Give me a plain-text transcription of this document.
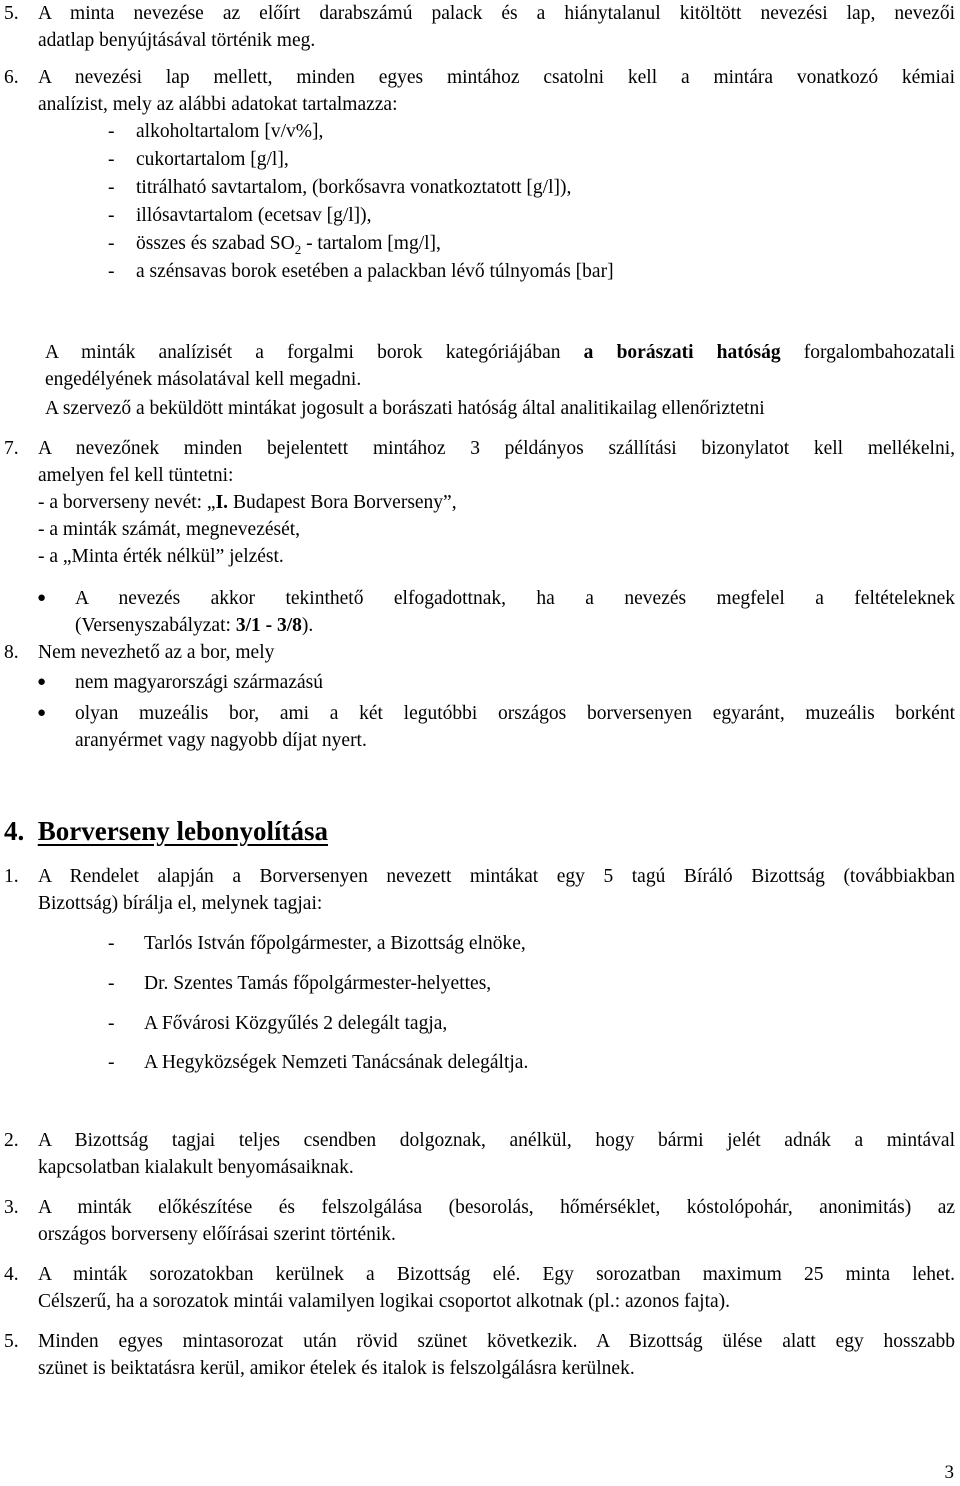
5. A minta nevezése az előírt darabszámú palack és a hiánytalanul kitöltött nevezési lap, nevezői
adatlap benyújtásával történik meg.
6. A nevezési lap mellett, minden egyes mintához csatolni kell a mintára vonatkozó kémiai
analízist, mely az alábbi adatokat tartalmazza:
- alkoholtartalom [v/v%],
- cukortartalom [g/l],
- titrálható savtartalom, (borkősavra vonatkoztatott [g/l]),
- illósavtartalom (ecetsav [g/l]),
- összes és szabad $SO_2$ - tartalom [mg/l],
- a szénsavas borok esetében a palackban lévő túlnyomás [bar]
A minták analízisét a forgalmi borok kategóriájában a borászati hatóság forgalombahozatali
engedélyének másolatával kell megadni.
A szervező a beküldött mintákat jogosult a borászati hatóság által analitikailag ellenőriztetni
7. A nevezőnek minden bejelentett mintához 3 példányos szállítási bizonylatot kell mellékelni,
amelyen fel kell tüntetni:
- a borverseny nevét: „I. Budapest Bora Borverseny”,
- a minták számát, megnevezését,
- a „Minta érték nélkül” jelzést.
● A nevezés akkor tekinthető elfogadottnak, ha a nevezés megfelel a feltételeknek
(Versenyszabályzat: 3/1 - 3/8).
8. Nem nevezhető az a bor, mely
● nem magyarországi származású
● olyan muzeális bor, ami a két legutóbbi országos borversenyen egyaránt, muzeális borként
aranyérmet vagy nagyobb díjat nyert.
4. Borverseny lebonyolítása
1. A Rendelet alapján a Borversenyen nevezett mintákat egy 5 tagú Bíráló Bizottság (továbbiakban
Bizottság) bírálja el, melynek tagjai:
- Tarlós István főpolgármester, a Bizottság elnöke,
- Dr. Szentes Tamás főpolgármester-helyettes,
- A Fővárosi Közgyűlés 2 delegált tagja,
- A Hegyközségek Nemzeti Tanácsának delegáltja.
2. A Bizottság tagjai teljes csendben dolgoznak, anélkül, hogy bármi jelét adnák a mintával
kapcsolatban kialakult benyomásaiknak.
3. A minták előkészítése és felszolgálása (besorolás, hőmérséklet, kóstolópohár, anonimitás) az
országos borverseny előírásai szerint történik.
4. A minták sorozatokban kerülnek a Bizottság elé. Egy sorozatban maximum 25 minta lehet.
Célszerű, ha a sorozatok mintái valamilyen logikai csoportot alkotnak (pl.: azonos fajta).
5. Minden egyes mintasorozat után rövid szünet következik. A Bizottság ülése alatt egy hosszabb
szünet is beiktatásra kerül, amikor ételek és italok is felszolgálásra kerülnek.
3
